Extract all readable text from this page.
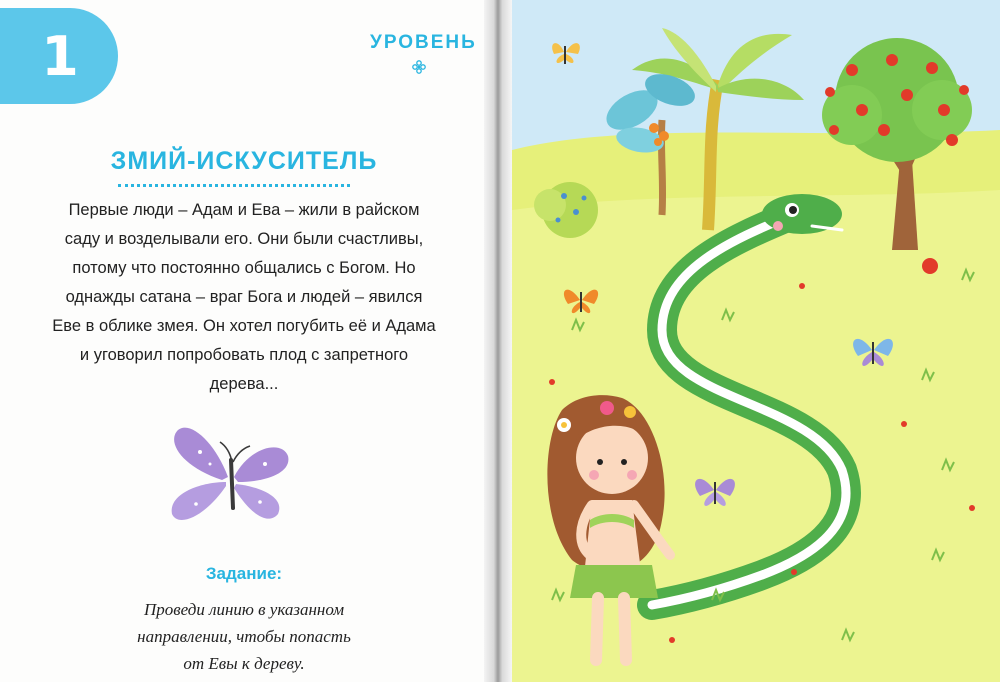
1	УРОВЕНЬ
ЗМИЙ-ИСКУСИТЕЛЬ
Первые люди – Адам и Ева – жили в райском
саду и возделывали его. Они были счастливы,
потому что постоянно общались с Богом. Но
однажды сатана – враг Бога и людей – явился
Еве в облике змея. Он хотел погубить её и Адама
и уговорил попробовать плод с запретного
дерева...
Задание:
Проведи линию в указанном
направлении, чтобы попасть
от Евы к дереву.
